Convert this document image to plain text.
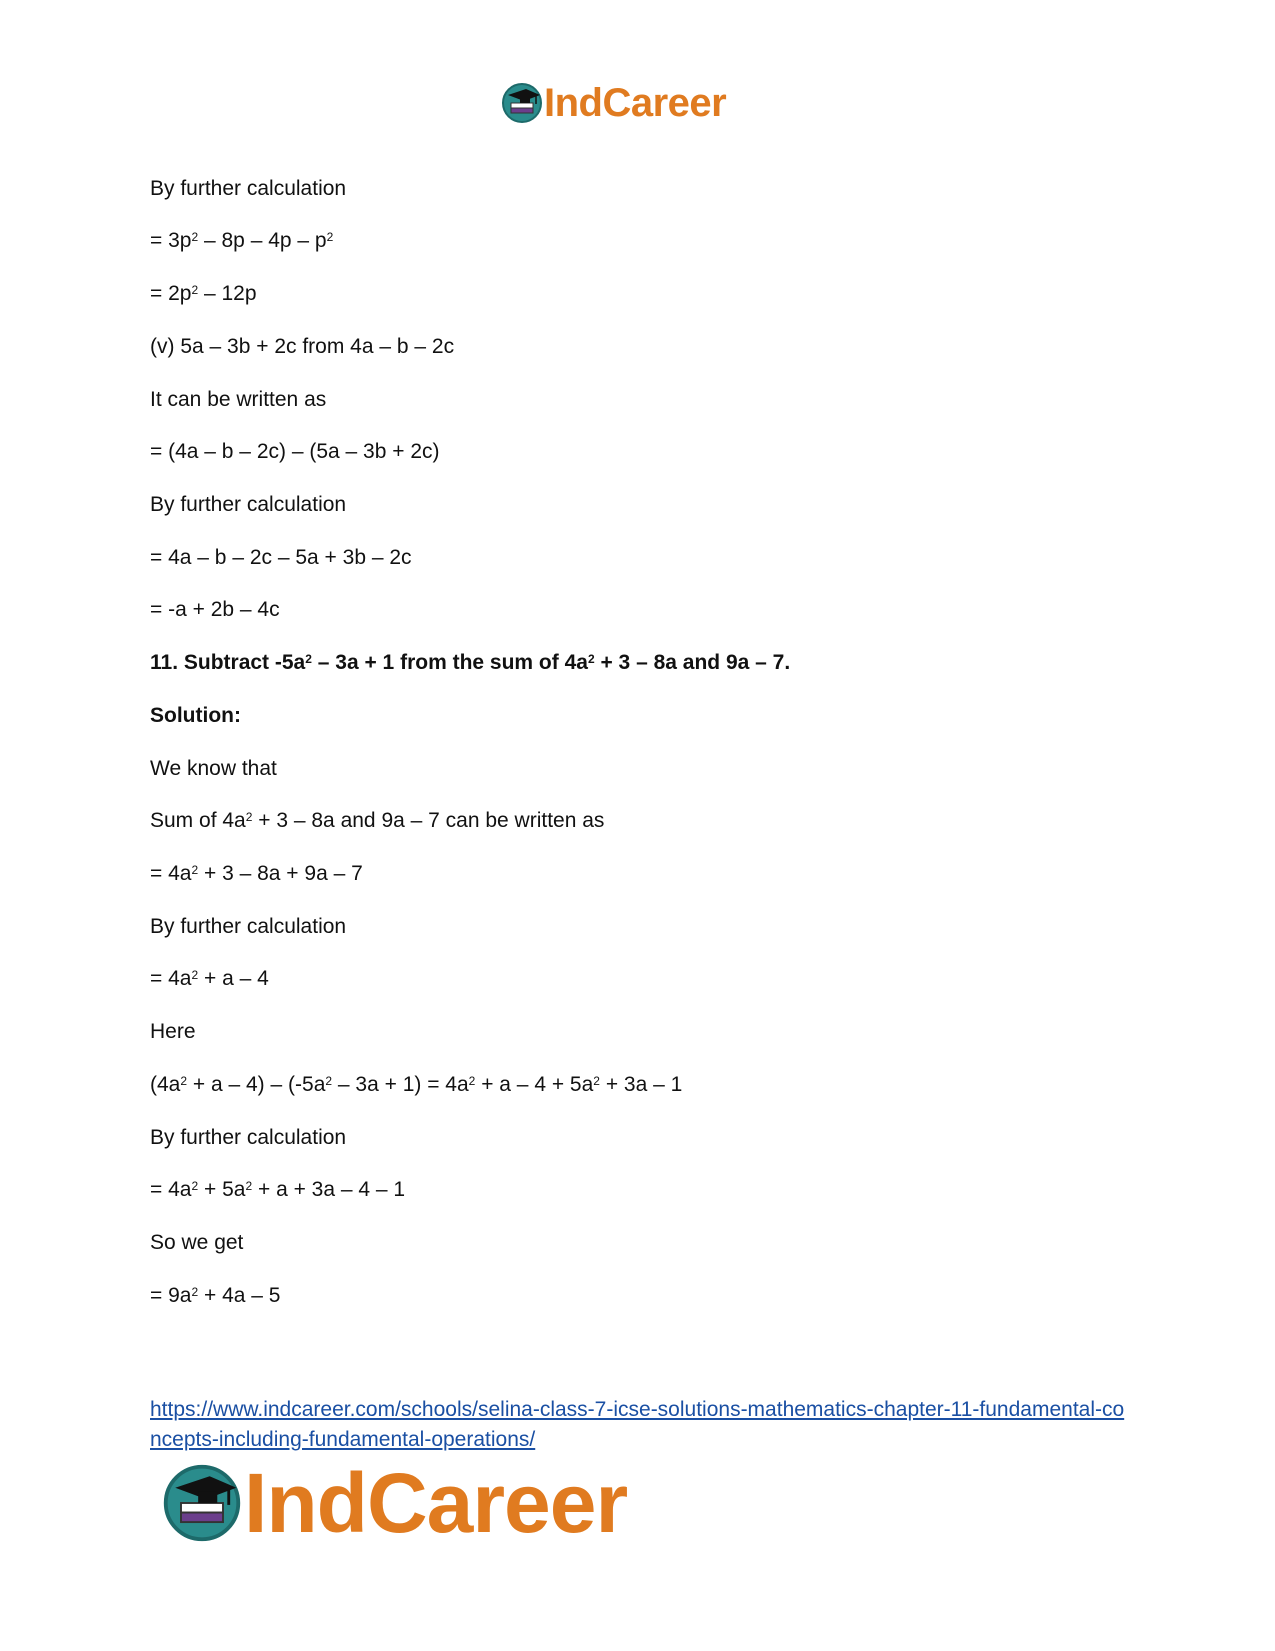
IndCareer
By further calculation
= $3p^2 - 8p - 4p - p^2$
= $2p^2 - 12p$
(v) 5a – 3b + 2c from 4a – b – 2c
It can be written as
= (4a – b – 2c) – (5a – 3b + 2c)
By further calculation
= 4a – b – 2c – 5a + 3b – 2c
= -a + 2b – 4c
11. Subtract $-5a^2 - 3a + 1$ from the sum of $4a^2 + 3 - 8a$ and 9a – 7.
Solution:
We know that
Sum of $4a^2 + 3 - 8a$ and 9a – 7 can be written as
= $4a^2 + 3 - 8a + 9a - 7$
By further calculation
= $4a^2 + a - 4$
Here
$(4a^2 + a - 4) - (-5a^2 - 3a + 1) = 4a^2 + a - 4 + 5a^2 + 3a - 1$
By further calculation
= $4a^2 + 5a^2 + a + 3a - 4 - 1$
So we get
= $9a^2 + 4a - 5$
https://www.indcareer.com/schools/selina-class-7-icse-solutions-mathematics-chapter-11-fundamental-concepts-including-fundamental-operations/
IndCareer
